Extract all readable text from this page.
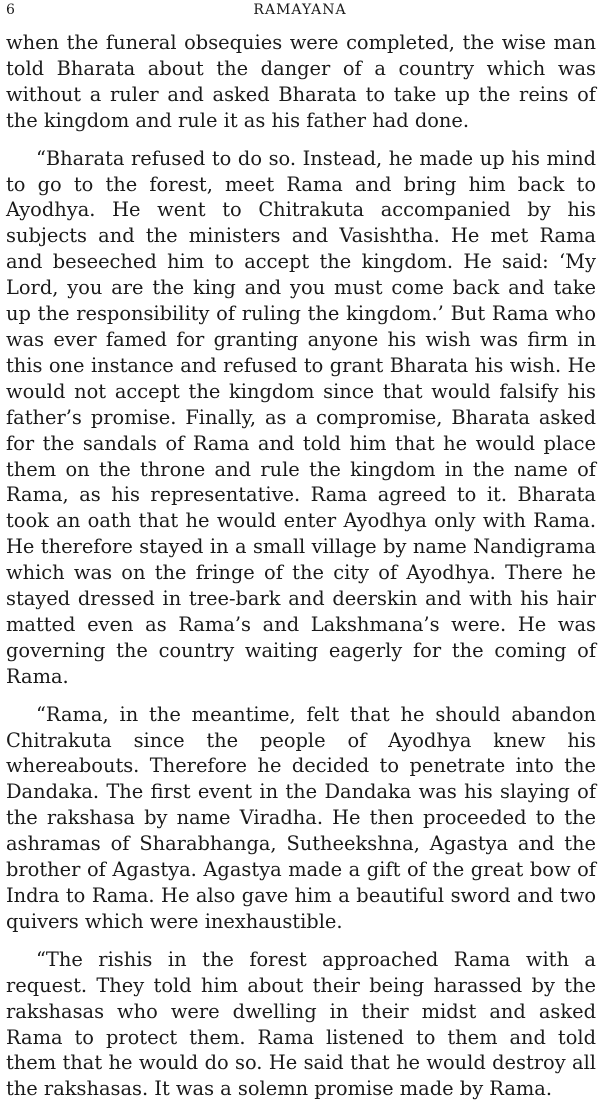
6	RAMAYANA

when the funeral obsequies were completed, the wise man told Bharata about the danger of a country which was without a ruler and asked Bharata to take up the reins of the kingdom and rule it as his father had done.

“Bharata refused to do so. Instead, he made up his mind to go to the forest, meet Rama and bring him back to Ayodhya. He went to Chitrakuta accompanied by his subjects and the ministers and Vasishtha. He met Rama and beseeched him to accept the kingdom. He said: ‘My Lord, you are the king and you must come back and take up the responsibility of ruling the kingdom.’ But Rama who was ever famed for granting anyone his wish was firm in this one instance and refused to grant Bharata his wish. He would not accept the kingdom since that would falsify his father’s promise. Finally, as a compromise, Bharata asked for the sandals of Rama and told him that he would place them on the throne and rule the kingdom in the name of Rama, as his representative. Rama agreed to it. Bharata took an oath that he would enter Ayodhya only with Rama. He therefore stayed in a small village by name Nandigrama which was on the fringe of the city of Ayodhya. There he stayed dressed in tree-bark and deerskin and with his hair matted even as Rama’s and Lakshmana’s were. He was governing the country waiting eagerly for the coming of Rama.

“Rama, in the meantime, felt that he should abandon Chitrakuta since the people of Ayodhya knew his whereabouts. Therefore he decided to penetrate into the Dandaka. The first event in the Dandaka was his slaying of the rakshasa by name Viradha. He then proceeded to the ashramas of Sharabhanga, Sutheekshna, Agastya and the brother of Agastya. Agastya made a gift of the great bow of Indra to Rama. He also gave him a beautiful sword and two quivers which were inexhaustible.

“The rishis in the forest approached Rama with a request. They told him about their being harassed by the rakshasas who were dwelling in their midst and asked Rama to protect them. Rama listened to them and told them that he would do so. He said that he would destroy all the rakshasas. It was a solemn promise made by Rama.
